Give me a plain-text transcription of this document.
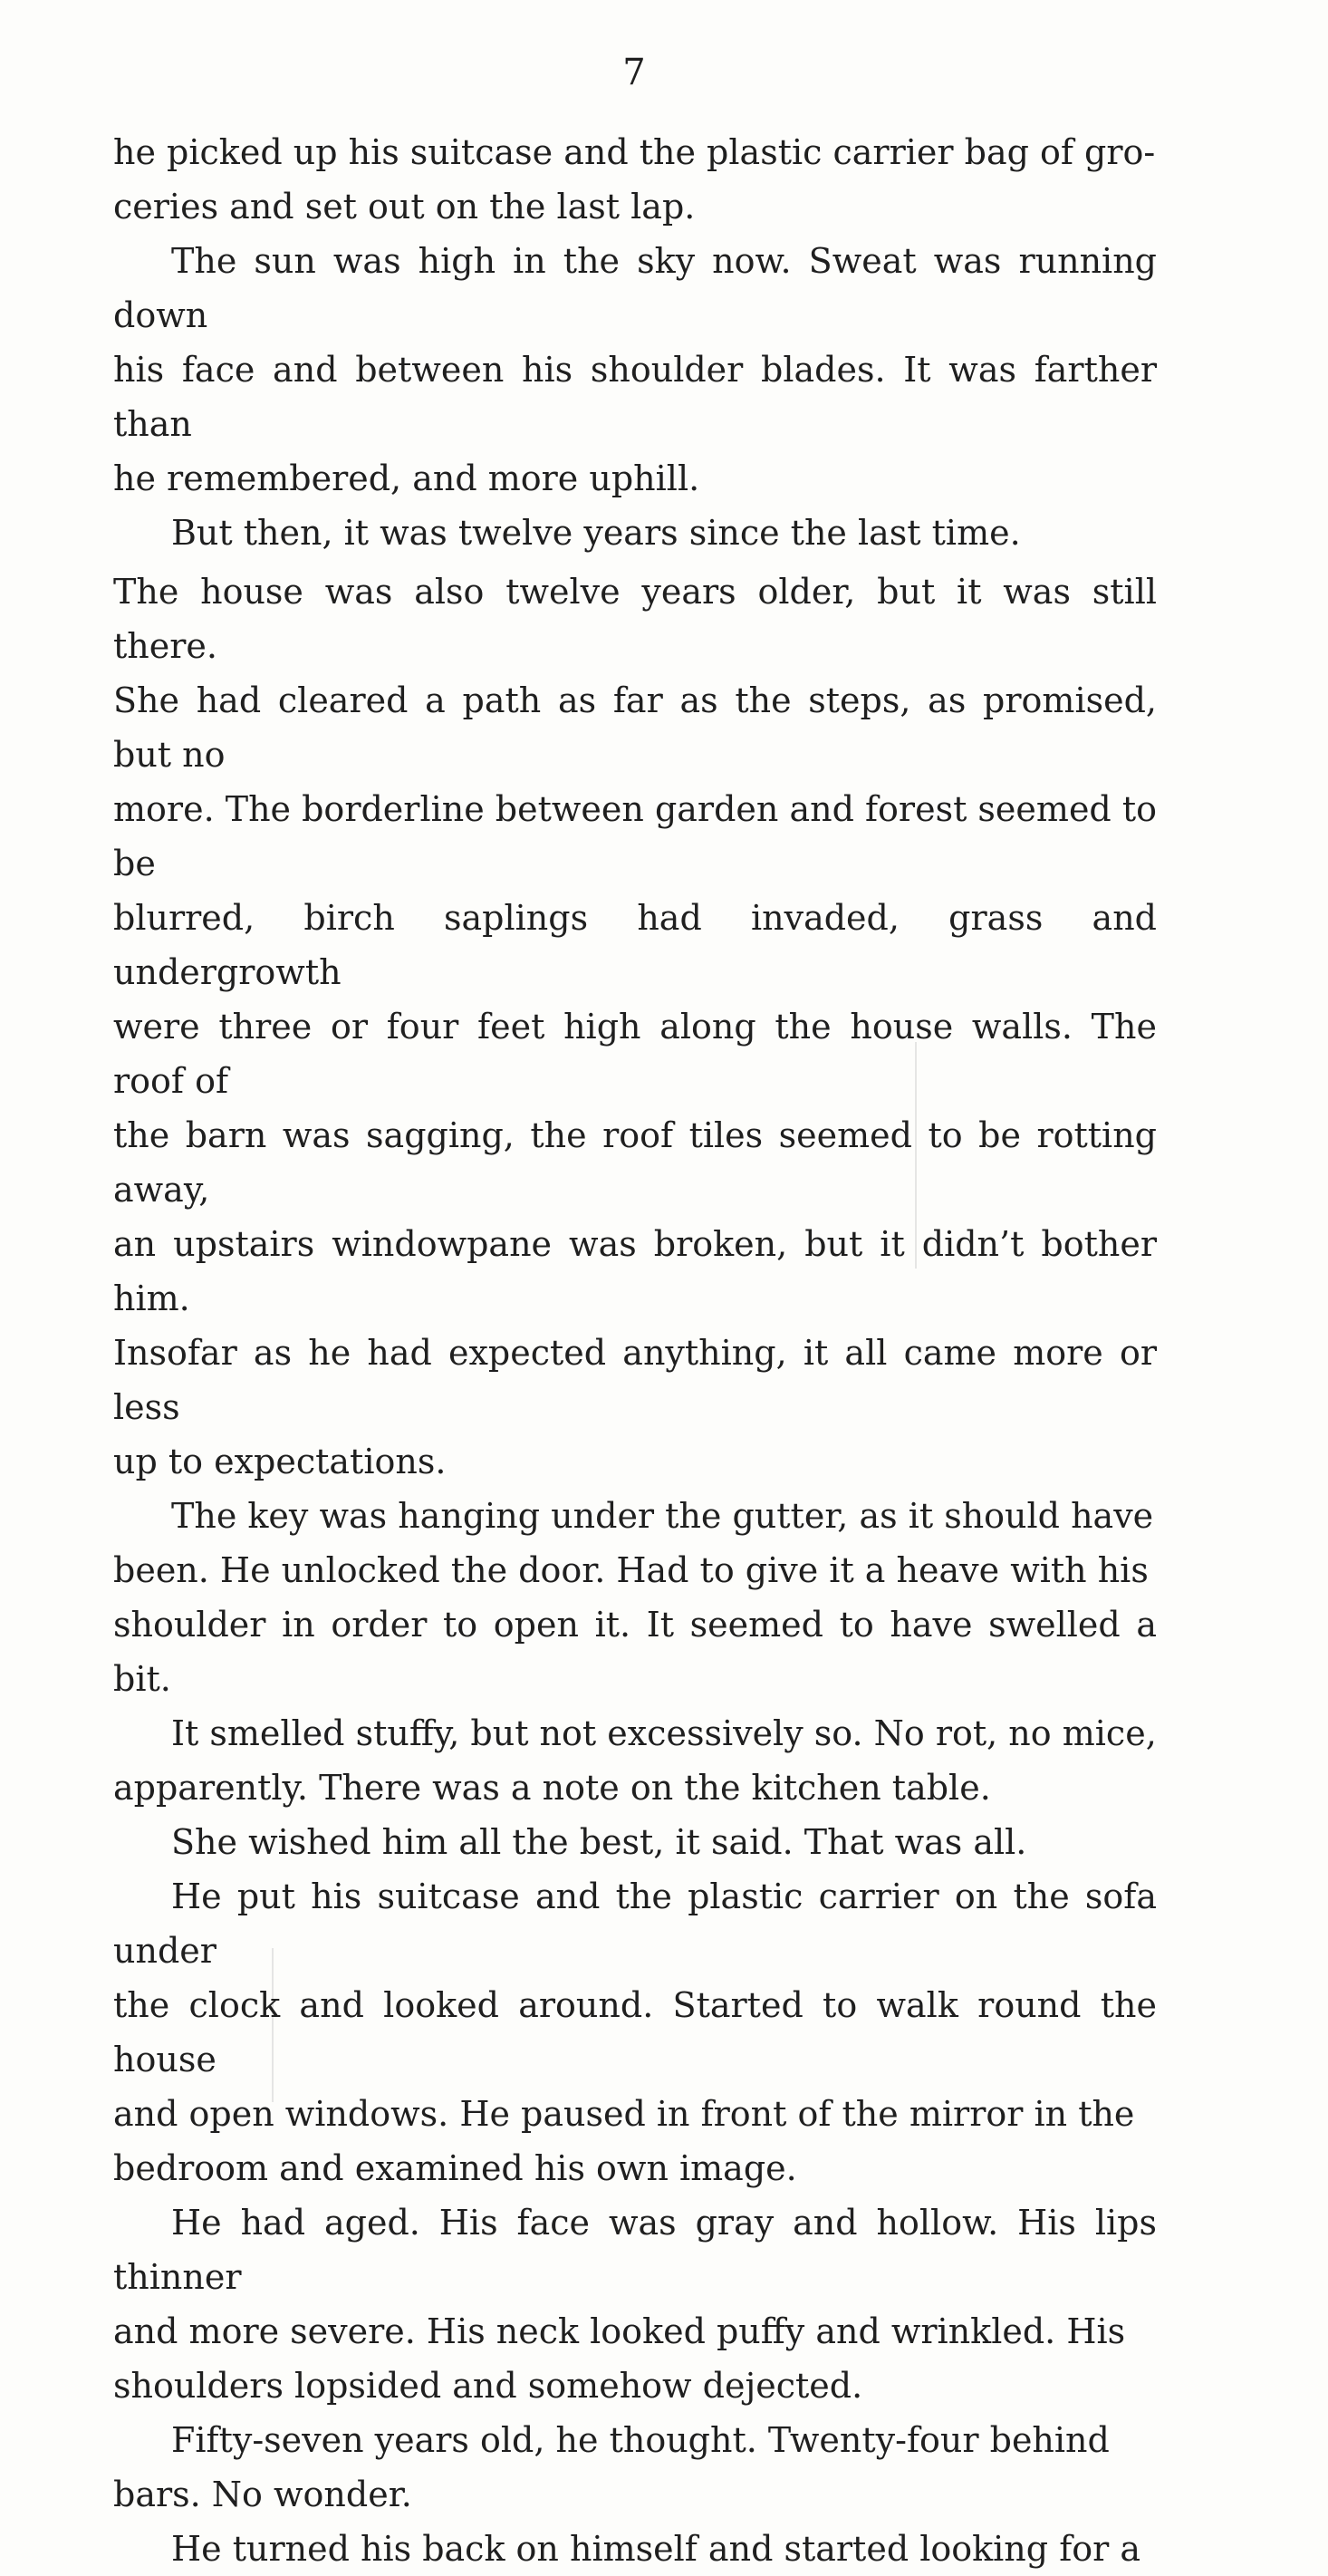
7

he picked up his suitcase and the plastic carrier bag of gro-
ceries and set out on the last lap.

The sun was high in the sky now. Sweat was running down
his face and between his shoulder blades. It was farther than
he remembered, and more uphill.

But then, it was twelve years since the last time.

The house was also twelve years older, but it was still there.
She had cleared a path as far as the steps, as promised, but no
more. The borderline between garden and forest seemed to be
blurred, birch saplings had invaded, grass and undergrowth
were three or four feet high along the house walls. The roof of
the barn was sagging, the roof tiles seemed to be rotting away,
an upstairs windowpane was broken, but it didn’t bother him.
Insofar as he had expected anything, it all came more or less
up to expectations.

The key was hanging under the gutter, as it should have
been. He unlocked the door. Had to give it a heave with his
shoulder in order to open it. It seemed to have swelled a bit.

It smelled stuffy, but not excessively so. No rot, no mice,
apparently. There was a note on the kitchen table.

She wished him all the best, it said. That was all.

He put his suitcase and the plastic carrier on the sofa under
the clock and looked around. Started to walk round the house
and open windows. He paused in front of the mirror in the
bedroom and examined his own image.

He had aged. His face was gray and hollow. His lips thinner
and more severe. His neck looked puffy and wrinkled. His
shoulders lopsided and somehow dejected.

Fifty-seven years old, he thought. Twenty-four behind
bars. No wonder.

He turned his back on himself and started looking for a
